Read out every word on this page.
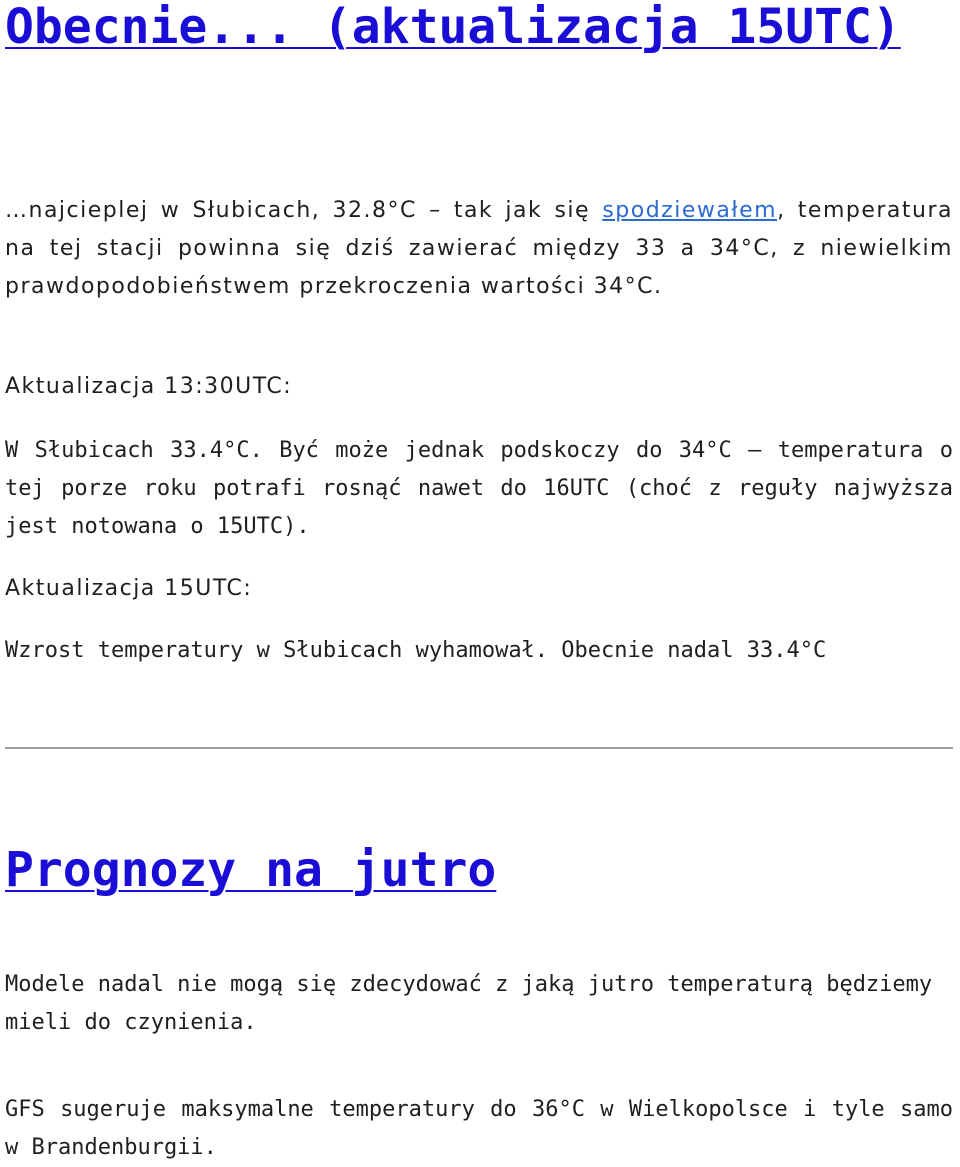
Obecnie... (aktualizacja 15UTC)

…najcieplej w Słubicach, 32.8°C – tak jak się spodziewałem, temperatura na tej stacji powinna się dziś zawierać między 33 a 34°C, z niewielkim prawdopodobieństwem przekroczenia wartości 34°C.

Aktualizacja 13:30UTC:

W Słubicach 33.4°C. Być może jednak podskoczy do 34°C – temperatura o tej porze roku potrafi rosnąć nawet do 16UTC (choć z reguły najwyższa jest notowana o 15UTC).

Aktualizacja 15UTC:

Wzrost temperatury w Słubicach wyhamował. Obecnie nadal 33.4°C

Prognozy na jutro

Modele nadal nie mogą się zdecydować z jaką jutro temperaturą będziemy mieli do czynienia.

GFS sugeruje maksymalne temperatury do 36°C w Wielkopolsce i tyle samo w Brandenburgii.
